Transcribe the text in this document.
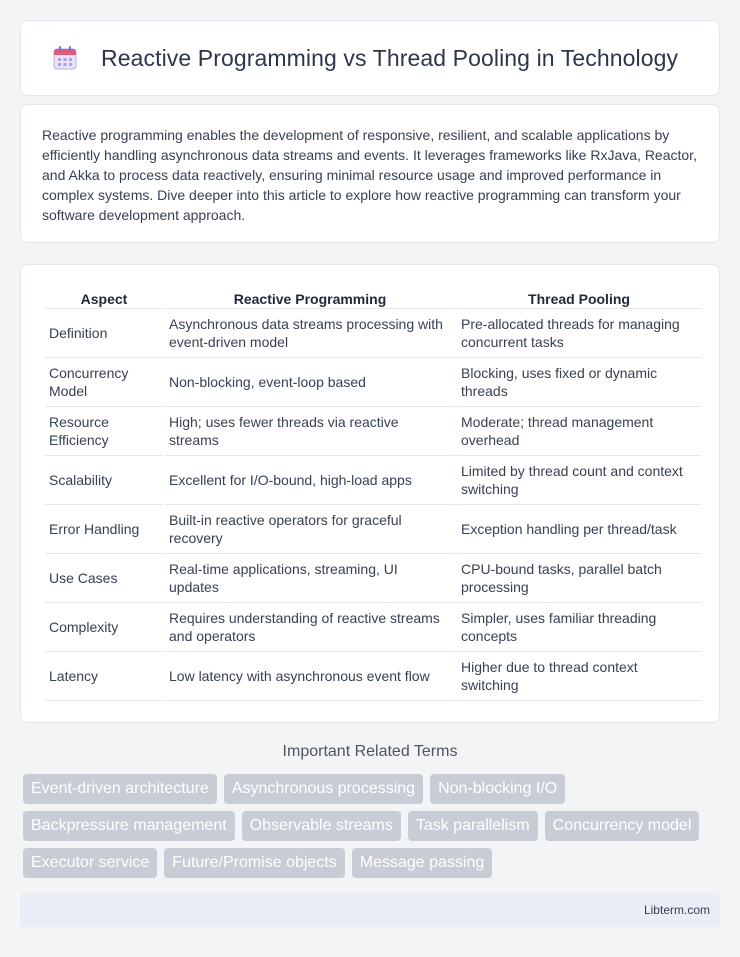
Reactive Programming vs Thread Pooling in Technology

Reactive programming enables the development of responsive, resilient, and scalable applications by efficiently handling asynchronous data streams and events. It leverages frameworks like RxJava, Reactor, and Akka to process data reactively, ensuring minimal resource usage and improved performance in complex systems. Dive deeper into this article to explore how reactive programming can transform your software development approach.

Aspect	Reactive Programming	Thread Pooling
Definition	Asynchronous data streams processing with event-driven model	Pre-allocated threads for managing concurrent tasks
Concurrency Model	Non-blocking, event-loop based	Blocking, uses fixed or dynamic threads
Resource Efficiency	High; uses fewer threads via reactive streams	Moderate; thread management overhead
Scalability	Excellent for I/O-bound, high-load apps	Limited by thread count and context switching
Error Handling	Built-in reactive operators for graceful recovery	Exception handling per thread/task
Use Cases	Real-time applications, streaming, UI updates	CPU-bound tasks, parallel batch processing
Complexity	Requires understanding of reactive streams and operators	Simpler, uses familiar threading concepts
Latency	Low latency with asynchronous event flow	Higher due to thread context switching
Important Related Terms
Event-driven architecture	Asynchronous processing	Non-blocking I/O
Backpressure management	Observable streams	Task parallelism	Concurrency model
Executor service	Future/Promise objects	Message passing
Libterm.com
